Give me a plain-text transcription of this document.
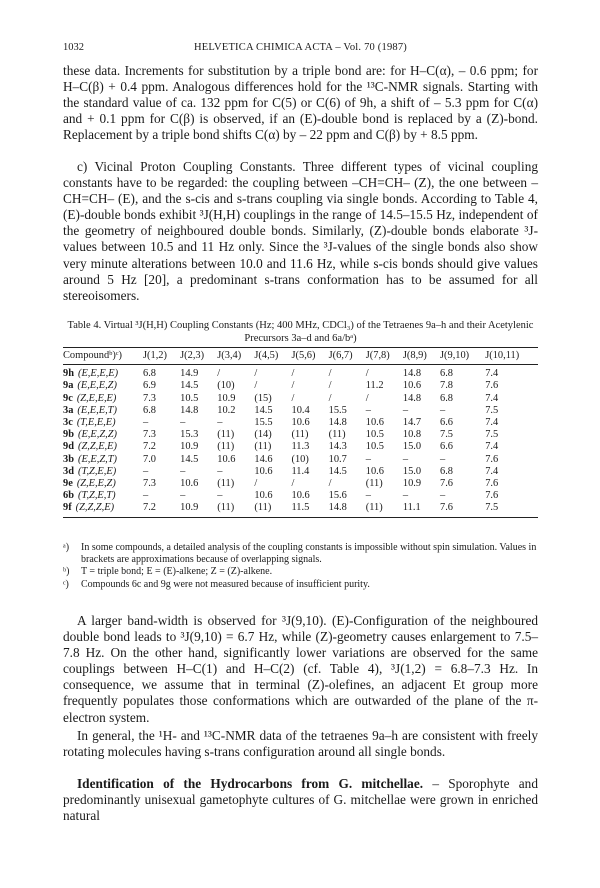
1032	HELVETICA CHIMICA ACTA – Vol. 70 (1987)

these data. Increments for substitution by a triple bond are: for H–C(α), – 0.6 ppm; for H–C(β) + 0.4 ppm. Analogous differences hold for the ¹³C-NMR signals. Starting with the standard value of ca. 132 ppm for C(5) or C(6) of 9h, a shift of – 5.3 ppm for C(α) and + 0.1 ppm for C(β) is observed, if an (E)-double bond is replaced by a (Z)-bond. Replacement by a triple bond shifts C(α) by – 22 ppm and C(β) by + 8.5 ppm.

c) Vicinal Proton Coupling Constants. Three different types of vicinal coupling constants have to be regarded: the coupling between –CH=CH– (Z), the one between –CH=CH– (E), and the s-cis and s-trans coupling via single bonds. According to Table 4, (E)-double bonds exhibit ³J(H,H) couplings in the range of 14.5–15.5 Hz, independent of the geometry of neighboured double bonds. Similarly, (Z)-double bonds elaborate ³J-values between 10.5 and 11 Hz only. Since the ³J-values of the single bonds also show very minute alterations between 10.0 and 11.6 Hz, while s-cis bonds should give values around 5 Hz [20], a predominant s-trans conformation has to be assumed for all stereoisomers.

Table 4. Virtual ³J(H,H) Coupling Constants (Hz; 400 MHz, CDCl₃) of the Tetraenes 9a–h and their Acetylenic
Precursors 3a–d and 6a/bᵃ)
Compoundᵇ)ᶜ)	J(1,2)	J(2,3)	J(3,4)	J(4,5)	J(5,6)	J(6,7)	J(7,8)	J(8,9)	J(9,10)	J(10,11)
9h (E,E,E,E)	6.8	14.9	/	/	/	/	/	14.8	6.8	7.4
9a (E,E,E,Z)	6.9	14.5	(10)	/	/	/	11.2	10.6	7.8	7.6
9c (Z,E,E,E)	7.3	10.5	10.9	(15)	/	/	/	14.8	6.8	7.4
3a (E,E,E,T)	6.8	14.8	10.2	14.5	10.4	15.5	–	–	–	7.5
3c (T,E,E,E)	–	–	–	15.5	10.6	14.8	10.6	14.7	6.6	7.4
9b (E,E,Z,Z)	7.3	15.3	(11)	(14)	(11)	(11)	10.5	10.8	7.5	7.5
9d (Z,Z,E,E)	7.2	10.9	(11)	(11)	11.3	14.3	10.5	15.0	6.6	7.4
3b (E,E,Z,T)	7.0	14.5	10.6	14.6	(10)	10.7	–	–	–	7.6
3d (T,Z,E,E)	–	–	–	10.6	11.4	14.5	10.6	15.0	6.8	7.4
9e (Z,E,E,Z)	7.3	10.6	(11)	/	/	/	(11)	10.9	7.6	7.6
6b (T,Z,E,T)	–	–	–	10.6	10.6	15.6	–	–	–	7.6
9f (Z,Z,Z,E)	7.2	10.9	(11)	(11)	11.5	14.8	(11)	11.1	7.6	7.5
ᵃ)	In some compounds, a detailed analysis of the coupling constants is impossible without spin simulation. Values in brackets are approximations because of overlapping signals.
ᵇ)	T = triple bond; E = (E)-alkene; Z = (Z)-alkene.
ᶜ)	Compounds 6c and 9g were not measured because of insufficient purity.

A larger band-width is observed for ³J(9,10). (E)-Configuration of the neighboured double bond leads to ³J(9,10) = 6.7 Hz, while (Z)-geometry causes enlargement to 7.5–7.8 Hz. On the other hand, significantly lower variations are observed for the same couplings between H–C(1) and H–C(2) (cf. Table 4), ³J(1,2) = 6.8–7.3 Hz. In consequence, we assume that in terminal (Z)-olefines, an adjacent Et group more frequently populates those conformations which are outwarded of the plane of the π-electron system.

In general, the ¹H- and ¹³C-NMR data of the tetraenes 9a–h are consistent with freely rotating molecules having s-trans configuration around all single bonds.

Identification of the Hydrocarbons from G. mitchellae. – Sporophyte and predominantly unisexual gametophyte cultures of G. mitchellae were grown in enriched natural
